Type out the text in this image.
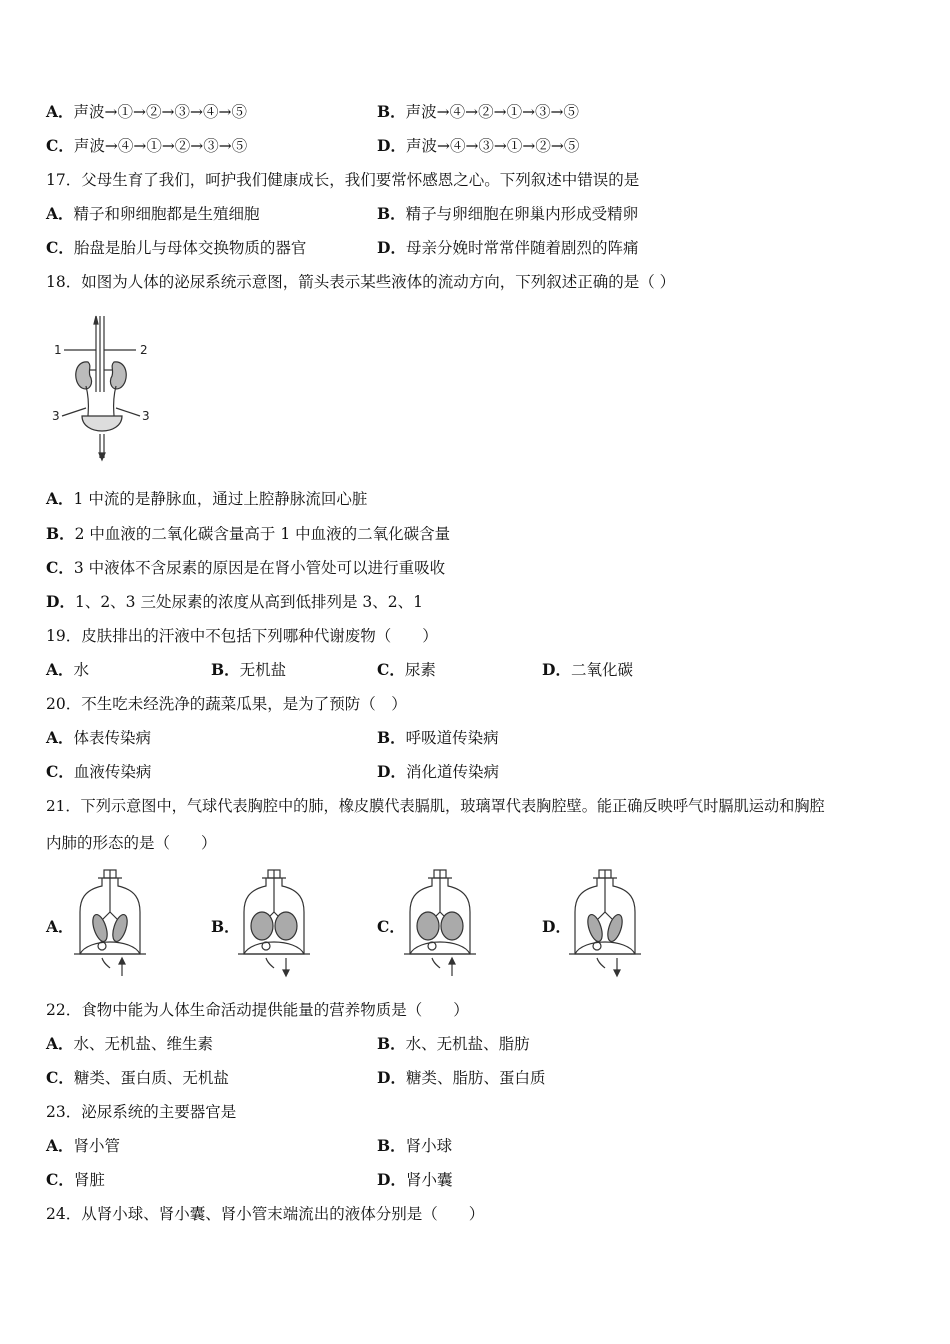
A．声波→①→②→③→④→⑤	B．声波→④→②→①→③→⑤
C．声波→④→①→②→③→⑤	D．声波→④→③→①→②→⑤
17．父母生育了我们，呵护我们健康成长，我们要常怀感恩之心。下列叙述中错误的是
A．精子和卵细胞都是生殖细胞	B．精子与卵细胞在卵巢内形成受精卵
C．胎盘是胎儿与母体交换物质的器官	D．母亲分娩时常常伴随着剧烈的阵痛
18．如图为人体的泌尿系统示意图，箭头表示某些液体的流动方向，下列叙述正确的是（ ）
1	2
3	3
A．1 中流的是静脉血，通过上腔静脉流回心脏
B．2 中血液的二氧化碳含量高于 1 中血液的二氧化碳含量
C．3 中液体不含尿素的原因是在肾小管处可以进行重吸收
D．1、2、3 三处尿素的浓度从高到低排列是 3、2、1
19．皮肤排出的汗液中不包括下列哪种代谢废物（　　）
A．水	B．无机盐	C．尿素	D．二氧化碳
20．不生吃未经洗净的蔬菜瓜果，是为了预防（　）
A．体表传染病	B．呼吸道传染病
C．血液传染病	D．消化道传染病
21．下列示意图中，气球代表胸腔中的肺，橡皮膜代表膈肌，玻璃罩代表胸腔壁。能正确反映呼气时膈肌运动和胸腔
内肺的形态的是（　　）
A．	B．	C．	D．
22．食物中能为人体生命活动提供能量的营养物质是（　　）
A．水、无机盐、维生素	B．水、无机盐、脂肪
C．糖类、蛋白质、无机盐	D．糖类、脂肪、蛋白质
23．泌尿系统的主要器官是
A．肾小管	B．肾小球
C．肾脏	D．肾小囊
24．从肾小球、肾小囊、肾小管末端流出的液体分别是（　　）
